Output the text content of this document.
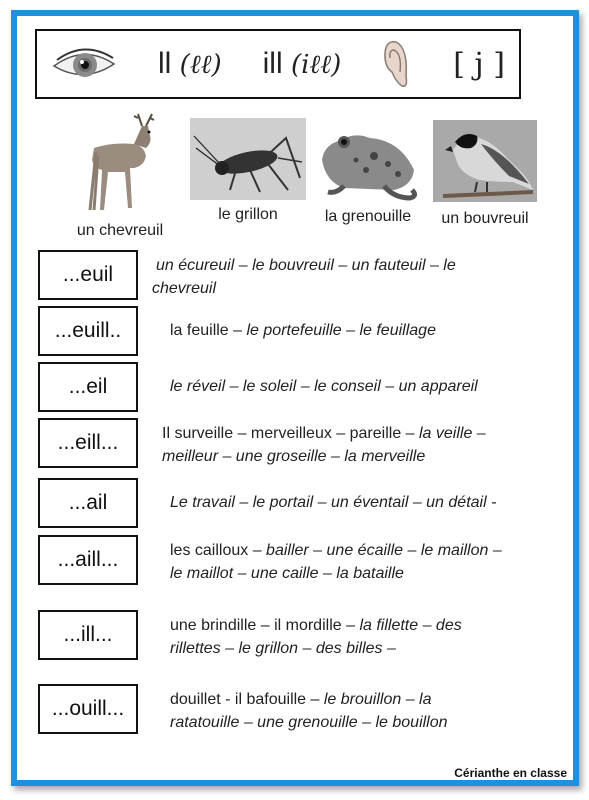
ll (ℓℓ) ill (iℓℓ)	[ j ]
un chevreuil
le grillon	la grenouille un bouvreuil
...euil	un écureuil – le bouvreuil – un fauteuil – le
chevreuil
...euill..	la feuille – le portefeuille – le feuillage
...eil	le réveil – le soleil – le conseil – un appareil
...eill...	Il surveille – merveilleux – pareille – la veille –
meilleur – une groseille – la merveille
...ail	Le travail – le portail – un éventail – un détail -
...aill...	les cailloux – bailler – une écaille – le maillon –
le maillot – une caille – la bataille
...ill...	une brindille – il mordille – la fillette – des
rillettes – le grillon – des billes –
...ouill...	douillet - il bafouille – le brouillon – la
ratatouille – une grenouille – le bouillon
Cérianthe en classe
